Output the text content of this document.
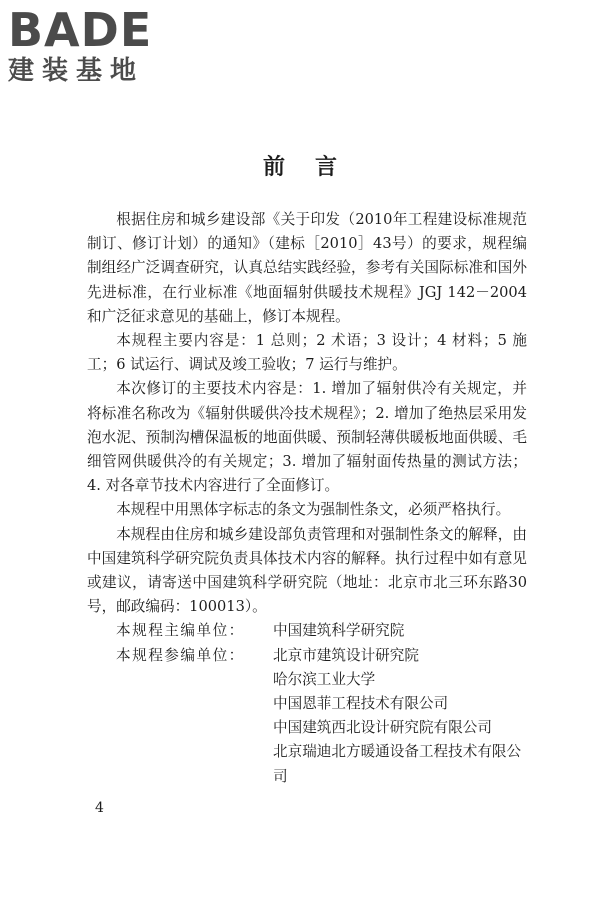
BADE
建装基地
前言

根据住房和城乡建设部《关于印发（2010年工程建设标准规范制订、修订计划）的通知》（建标［2010］43号）的要求，规程编制组经广泛调查研究，认真总结实践经验，参考有关国际标准和国外先进标准，在行业标准《地面辐射供暖技术规程》JGJ 142－2004和广泛征求意见的基础上，修订本规程。

本规程主要内容是：1 总则；2 术语；3 设计；4 材料；5 施工；6 试运行、调试及竣工验收；7 运行与维护。

本次修订的主要技术内容是：1. 增加了辐射供冷有关规定，并将标准名称改为《辐射供暖供冷技术规程》；2. 增加了绝热层采用发泡水泥、预制沟槽保温板的地面供暖、预制轻薄供暖板地面供暖、毛细管网供暖供冷的有关规定；3. 增加了辐射面传热量的测试方法；4. 对各章节技术内容进行了全面修订。

本规程中用黑体字标志的条文为强制性条文，必须严格执行。

本规程由住房和城乡建设部负责管理和对强制性条文的解释，由中国建筑科学研究院负责具体技术内容的解释。执行过程中如有意见或建议，请寄送中国建筑科学研究院（地址：北京市北三环东路30号，邮政编码：100013）。

本规程主编单位：	中国建筑科学研究院
本规程参编单位：	北京市建筑设计研究院
哈尔滨工业大学
中国恩菲工程技术有限公司
中国建筑西北设计研究院有限公司
北京瑞迪北方暖通设备工程技术有限公司
4
